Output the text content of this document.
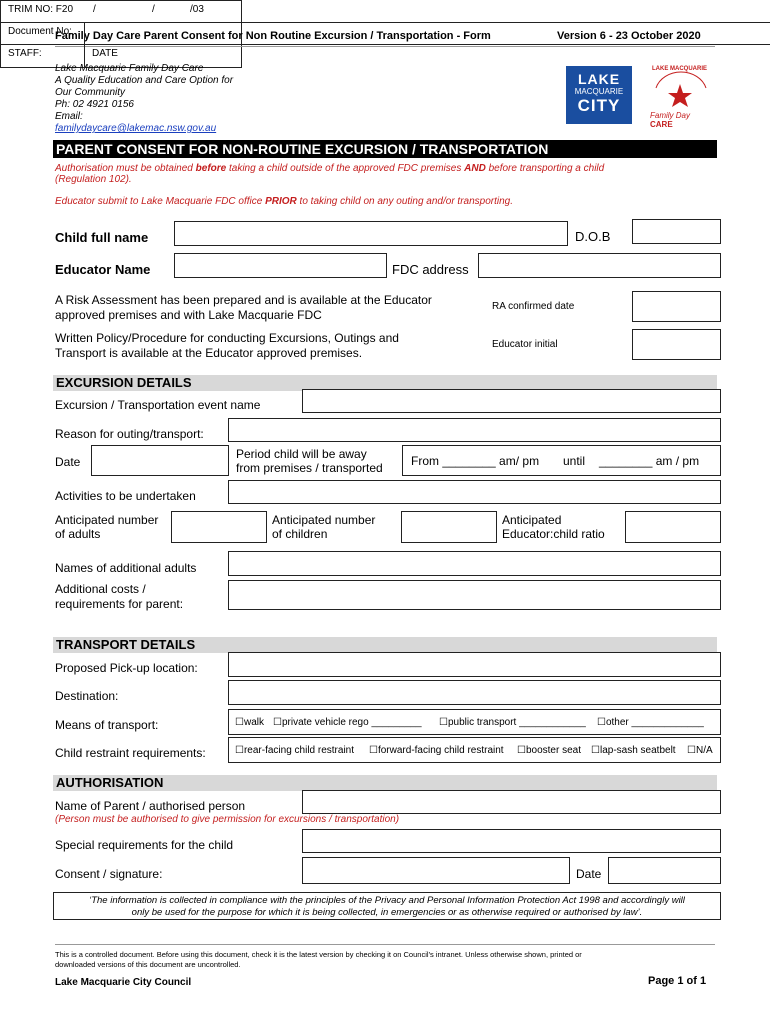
Family Day Care Parent Consent for Non Routine Excursion / Transportation - Form	Version 6 - 23 October 2020
Lake Macquarie Family Day Care
A Quality Education and Care Option for
Our Community
Ph: 02 4921 0156
Email:
familydaycare@lakemac.nsw.gov.au
TRIM NO: F20 /	/	/03
Document No:
STAFF:	DATE
LAKE
MACQUARIE
CITY
LAKE MACQUARIE
Family Day CARE
PARENT CONSENT FOR NON-ROUTINE EXCURSION / TRANSPORTATION
Authorisation must be obtained before taking a child outside of the approved FDC premises AND before transporting a child
(Regulation 102).
Educator submit to Lake Macquarie FDC office PRIOR to taking child on any outing and/or transporting.
Child full name	D.O.B
Educator Name	FDC address
A Risk Assessment has been prepared and is available at the Educator
approved premises and with Lake Macquarie FDC
RA confirmed date
Written Policy/Procedure for conducting Excursions, Outings and
Transport is available at the Educator approved premises.
Educator initial
EXCURSION DETAILS
Excursion / Transportation event name
Reason for outing/transport:
Date
Period child will be away
from premises / transported From ________ am/ pm until ________ am / pm
Activities to be undertaken
Anticipated number
of adults
Anticipated number
of children
Anticipated
Educator:child ratio
Names of additional adults
Additional costs /
requirements for parent:
TRANSPORT DETAILS
Proposed Pick-up location:
Destination:
Means of transport:	☐ walk	☐ private vehicle rego _________	☐ public transport ____________	☐ other _____________
Child restraint requirements:	☐ rear-facing child restraint	☐ forward-facing child restraint	☐ booster seat	☐ lap-sash seatbelt	☐ N/A
AUTHORISATION
Name of Parent / authorised person
(Person must be authorised to give permission for excursions / transportation)
Special requirements for the child
Consent / signature:	Date
‘The information is collected in compliance with the principles of the Privacy and Personal Information Protection Act 1998 and accordingly will
only be used for the purpose for which it is being collected, in emergencies or as otherwise required or authorised by law’.
This is a controlled document. Before using this document, check it is the latest version by checking it on Council’s intranet. Unless otherwise shown, printed or
downloaded versions of this document are uncontrolled.
Lake Macquarie City Council	Page 1 of 1
